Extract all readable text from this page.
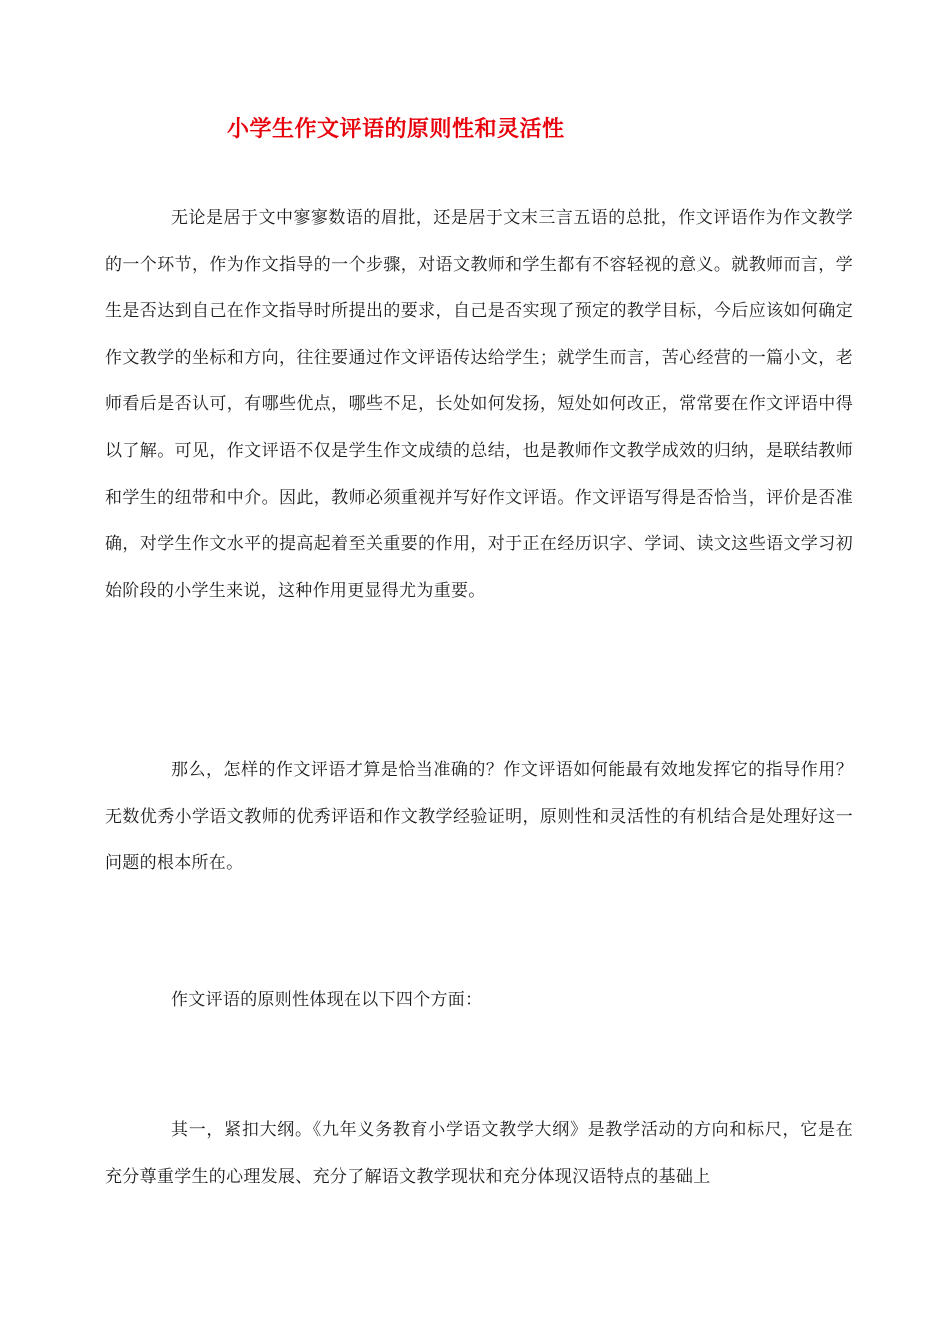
小学生作文评语的原则性和灵活性

无论是居于文中寥寥数语的眉批，还是居于文末三言五语的总批，作文评语作为作文教学的一个环节，作为作文指导的一个步骤，对语文教师和学生都有不容轻视的意义。就教师而言，学生是否达到自己在作文指导时所提出的要求，自己是否实现了预定的教学目标，今后应该如何确定作文教学的坐标和方向，往往要通过作文评语传达给学生；就学生而言，苦心经营的一篇小文，老师看后是否认可，有哪些优点，哪些不足，长处如何发扬，短处如何改正，常常要在作文评语中得以了解。可见，作文评语不仅是学生作文成绩的总结，也是教师作文教学成效的归纳，是联结教师和学生的纽带和中介。因此，教师必须重视并写好作文评语。作文评语写得是否恰当，评价是否准确，对学生作文水平的提高起着至关重要的作用，对于正在经历识字、学词、读文这些语文学习初始阶段的小学生来说，这种作用更显得尤为重要。

那么，怎样的作文评语才算是恰当准确的？作文评语如何能最有效地发挥它的指导作用？无数优秀小学语文教师的优秀评语和作文教学经验证明，原则性和灵活性的有机结合是处理好这一问题的根本所在。

作文评语的原则性体现在以下四个方面：

其一，紧扣大纲。《九年义务教育小学语文教学大纲》是教学活动的方向和标尺，它是在充分尊重学生的心理发展、充分了解语文教学现状和充分体现汉语特点的基础上
